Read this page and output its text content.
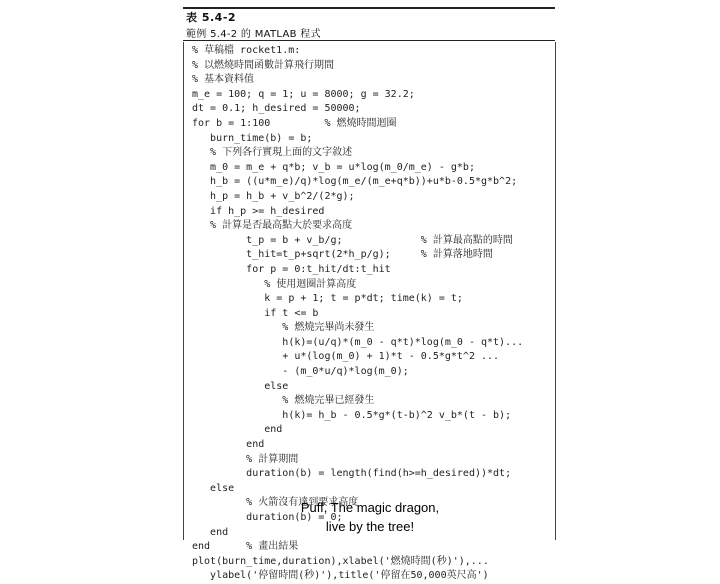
表 5.4-2
範例 5.4-2 的 MATLAB 程式
% 草稿檔 rocket1.m:
% 以燃燒時間函數計算飛行期間
% 基本資料值
m_e = 100; q = 1; u = 8000; g = 32.2;
dt = 0.1; h_desired = 50000;
for b = 1:100         % 燃燒時間迴圈
burn_time(b) = b;
% 下列各行實現上面的文字敘述
m_0 = m_e + q*b; v_b = u*log(m_0/m_e) - g*b;
h_b = ((u*m_e)/q)*log(m_e/(m_e+q*b))+u*b-0.5*g*b^2;
h_p = h_b + v_b^2/(2*g);
if h_p >= h_desired
% 計算是否最高點大於要求高度
t_p = b + v_b/g;             % 計算最高點的時間
t_hit=t_p+sqrt(2*h_p/g);     % 計算落地時間
for p = 0:t_hit/dt:t_hit
% 使用迴圈計算高度
k = p + 1; t = p*dt; time(k) = t;
if t <= b
% 燃燒完畢尚未發生
h(k)=(u/q)*(m_0 - q*t)*log(m_0 - q*t)...
+ u*(log(m_0) + 1)*t - 0.5*g*t^2 ...
- (m_0*u/q)*log(m_0);
else
% 燃燒完畢已經發生
h(k)= h_b - 0.5*g*(t-b)^2 v_b*(t - b);
end
end
% 計算期間
duration(b) = length(find(h>=h_desired))*dt;
else
% 火箭沒有達到要求高度
duration(b) = 0;
end
end      % 畫出結果
plot(burn_time,duration),xlabel('燃燒時間(秒)'),...
ylabel('停留時間(秒)'),title('停留在50,000英尺高')
Puff, The magic dragon,
live by the tree!
